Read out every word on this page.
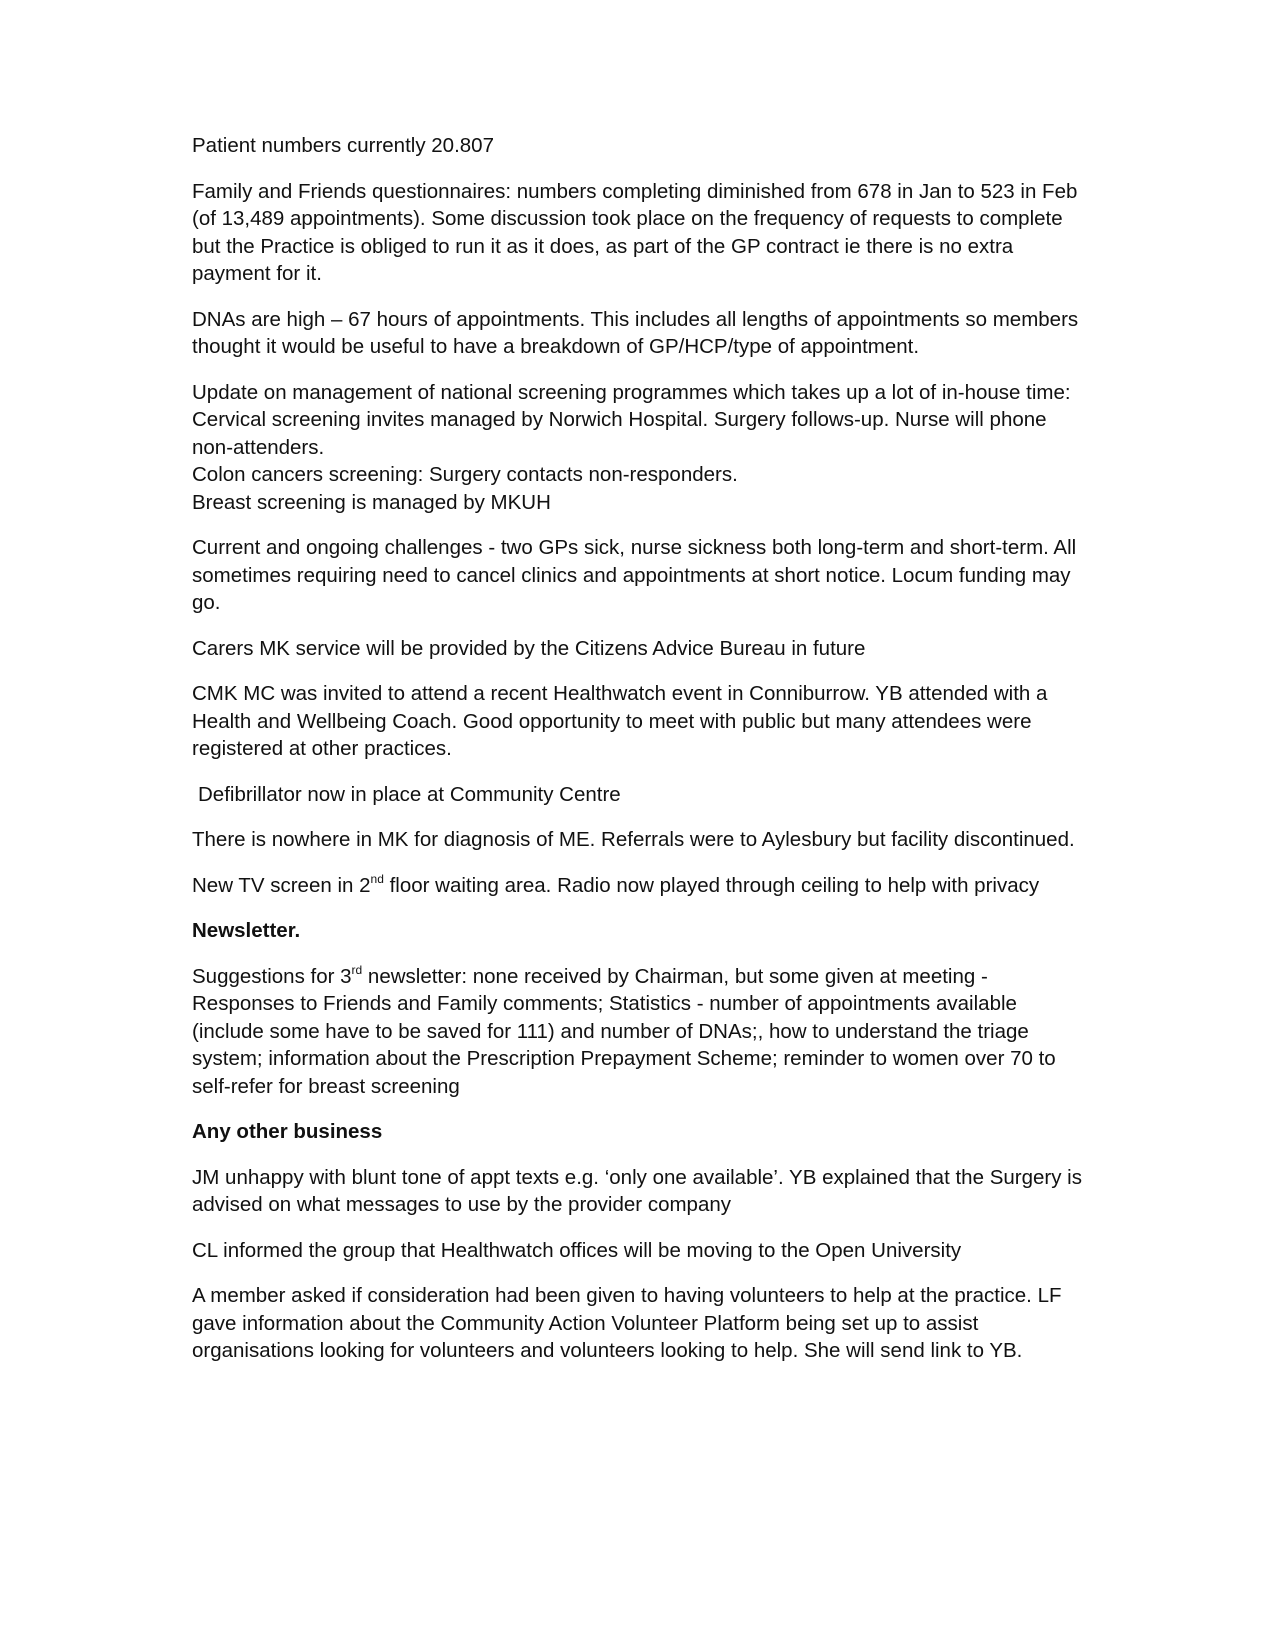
Patient numbers currently 20.807

Family and Friends questionnaires: numbers completing diminished from 678 in Jan to 523 in Feb (of 13,489 appointments). Some discussion took place on the frequency of requests to complete but the Practice is obliged to run it as it does, as part of the GP contract ie there is no extra payment for it.

DNAs are high – 67 hours of appointments. This includes all lengths of appointments so members thought it would be useful to have a breakdown of GP/HCP/type of appointment.

Update on management of national screening programmes which takes up a lot of in-house time: Cervical screening invites managed by Norwich Hospital. Surgery follows-up. Nurse will phone non-attenders.

Colon cancers screening: Surgery contacts non-responders.

Breast screening is managed by MKUH

Current and ongoing challenges - two GPs sick, nurse sickness both long-term and short-term. All sometimes requiring need to cancel clinics and appointments at short notice. Locum funding may go.

Carers MK service will be provided by the Citizens Advice Bureau in future

CMK MC was invited to attend a recent Healthwatch event in Conniburrow. YB attended with a Health and Wellbeing Coach. Good opportunity to meet with public but many attendees were registered at other practices.

Defibrillator now in place at Community Centre

There is nowhere in MK for diagnosis of ME. Referrals were to Aylesbury but facility discontinued.

New TV screen in 2nd floor waiting area. Radio now played through ceiling to help with privacy

Newsletter.

Suggestions for 3rd newsletter: none received by Chairman, but some given at meeting - Responses to Friends and Family comments; Statistics - number of appointments available (include some have to be saved for 111) and number of DNAs;, how to understand the triage system; information about the Prescription Prepayment Scheme; reminder to women over 70 to self-refer for breast screening

Any other business

JM unhappy with blunt tone of appt texts e.g. ‘only one available’. YB explained that the Surgery is advised on what messages to use by the provider company

CL informed the group that Healthwatch offices will be moving to the Open University

A member asked if consideration had been given to having volunteers to help at the practice. LF gave information about the Community Action Volunteer Platform being set up to assist organisations looking for volunteers and volunteers looking to help. She will send link to YB.
